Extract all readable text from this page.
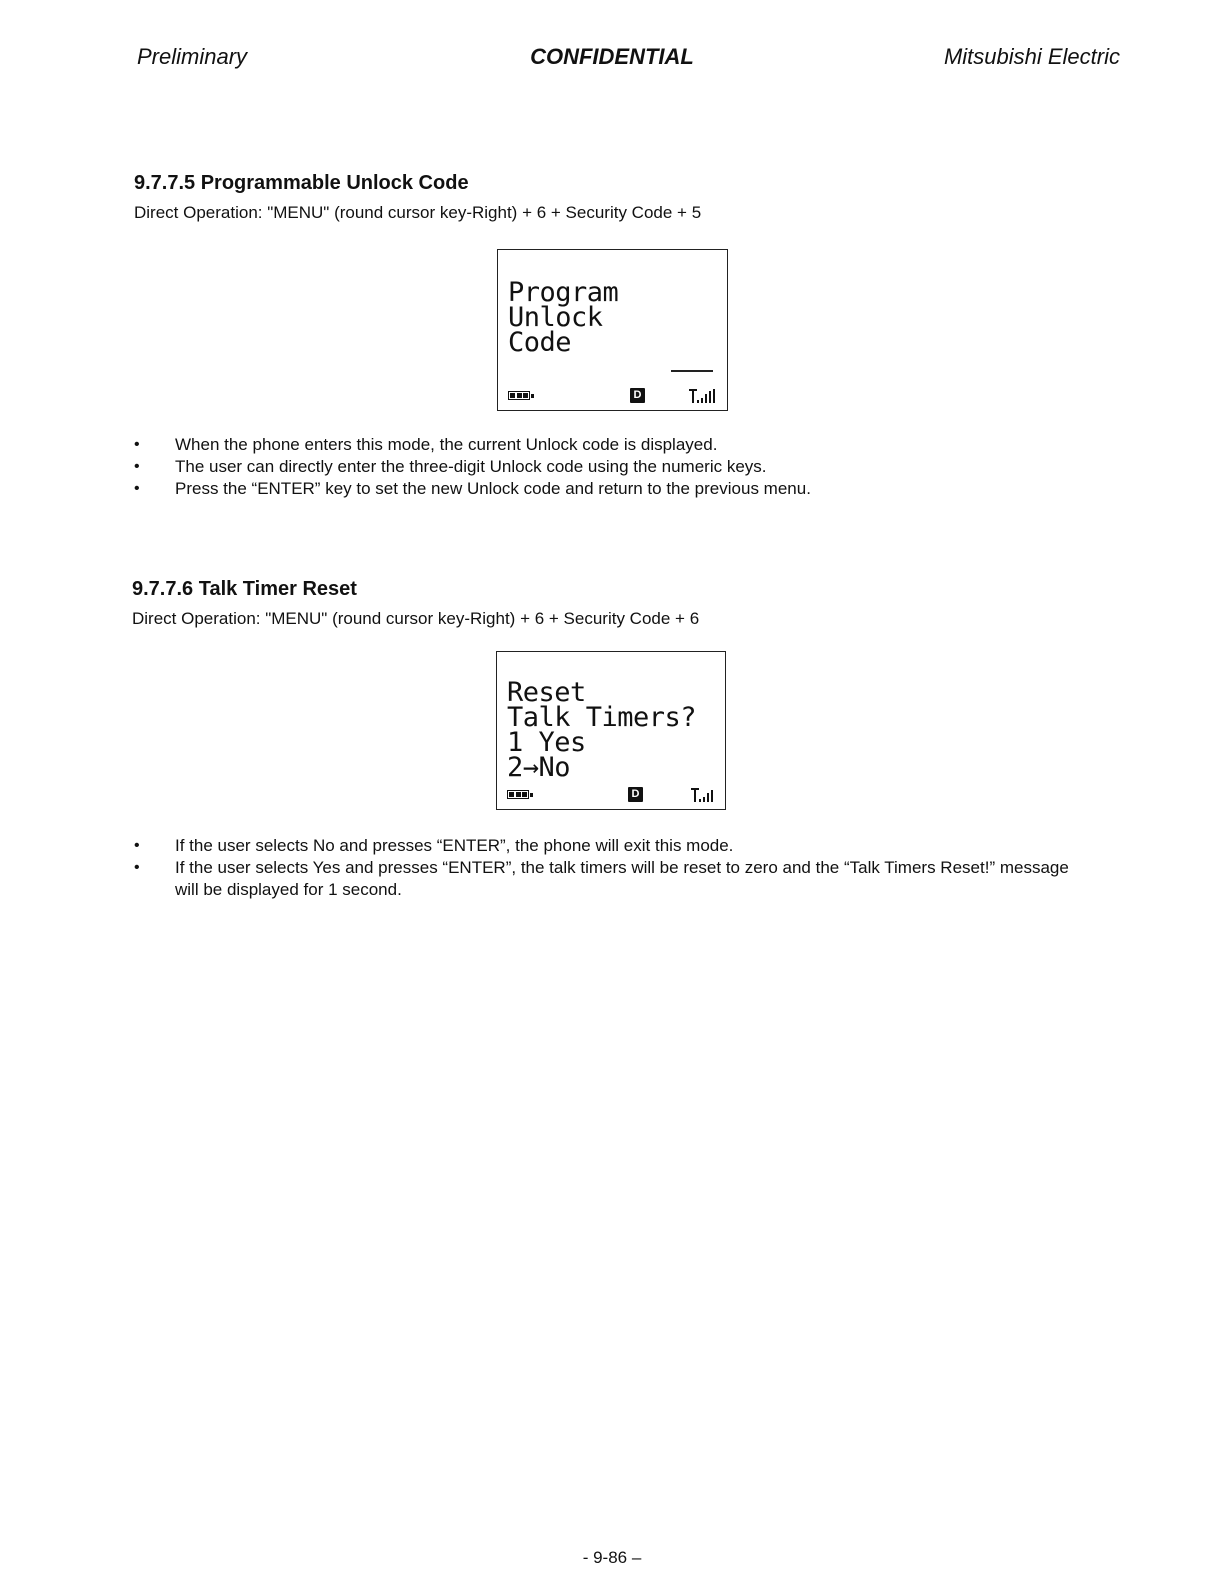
Preliminary	CONFIDENTIAL	Mitsubishi Electric
9.7.7.5 Programmable Unlock Code
Direct Operation: "MENU" (round cursor key-Right) + 6 + Security Code + 5
Program
Unlock
Code
D
• When the phone enters this mode, the current Unlock code is displayed.
• The user can directly enter the three-digit Unlock code using the numeric keys.
• Press the “ENTER” key to set the new Unlock code and return to the previous menu.
9.7.7.6 Talk Timer Reset
Direct Operation: "MENU" (round cursor key-Right) + 6 + Security Code + 6
Reset
Talk Timers?
1 Yes
2→No
D
• If the user selects No and presses “ENTER”, the phone will exit this mode.
• If the user selects Yes and presses “ENTER”, the talk timers will be reset to zero and the “Talk Timers Reset!” message will be displayed for 1 second.
- 9-86 –
